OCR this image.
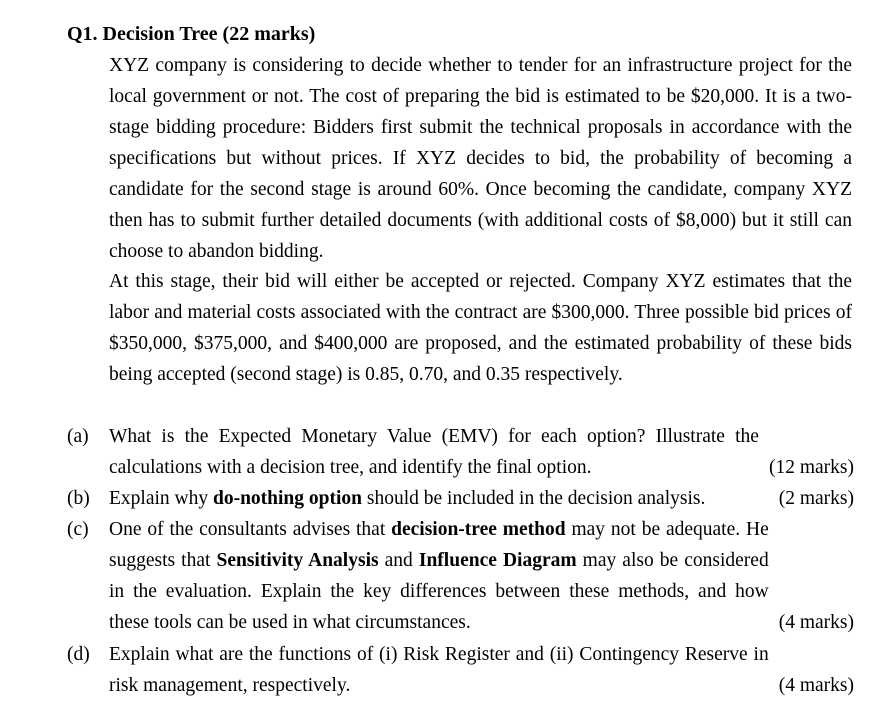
Q1. Decision Tree (22 marks)
XYZ company is considering to decide whether to tender for an infrastructure project for the local government or not. The cost of preparing the bid is estimated to be $20,000. It is a two-stage bidding procedure: Bidders first submit the technical proposals in accordance with the specifications but without prices. If XYZ decides to bid, the probability of becoming a candidate for the second stage is around 60%. Once becoming the candidate, company XYZ then has to submit further detailed documents (with additional costs of $8,000) but it still can choose to abandon bidding.
At this stage, their bid will either be accepted or rejected. Company XYZ estimates that the labor and material costs associated with the contract are $300,000. Three possible bid prices of $350,000, $375,000, and $400,000 are proposed, and the estimated probability of these bids being accepted (second stage) is 0.85, 0.70, and 0.35 respectively.
(a)
(12 marks)
What is the Expected Monetary Value (EMV) for each option? Illustrate the calculations with a decision tree, and identify the final option.
(b)	(2 marks)
Explain why do-nothing option should be included in the decision analysis.
(c)
(4 marks)
One of the consultants advises that decision-tree method may not be adequate. He suggests that Sensitivity Analysis and Influence Diagram may also be considered in the evaluation. Explain the key differences between these methods, and how these tools can be used in what circumstances.
(d)
(4 marks)
Explain what are the functions of (i) Risk Register and (ii) Contingency Reserve in risk management, respectively.
